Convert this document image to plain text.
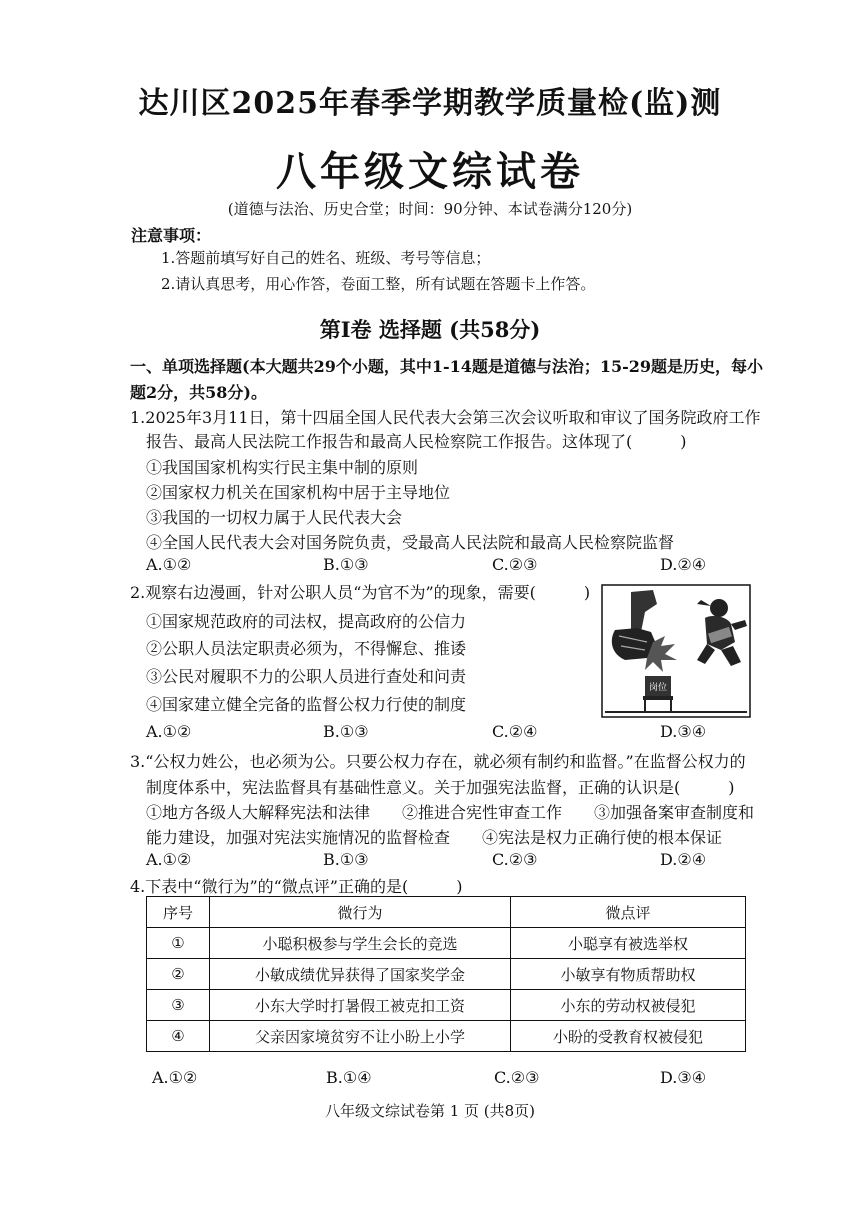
达川区2025年春季学期教学质量检(监)测
八年级文综试卷
(道德与法治、历史合堂；时间：90分钟、本试卷满分120分)
注意事项：
1.答题前填写好自己的姓名、班级、考号等信息；
2.请认真思考，用心作答，卷面工整，所有试题在答题卡上作答。
第Ⅰ卷 选择题 (共58分)
一、单项选择题(本大题共29个小题，其中1-14题是道德与法治；15-29题是历史，每小
题2分，共58分)。
1.2025年3月11日，第十四届全国人民代表大会第三次会议听取和审议了国务院政府工作
报告、最高人民法院工作报告和最高人民检察院工作报告。这体现了(　　　)
①我国国家机构实行民主集中制的原则
②国家权力机关在国家机构中居于主导地位
③我国的一切权力属于人民代表大会
④全国人民代表大会对国务院负责，受最高人民法院和最高人民检察院监督
A.①②	B.①③	C.②③	D.②④
2.观察右边漫画，针对公职人员“为官不为”的现象，需要(　　　)
①国家规范政府的司法权，提高政府的公信力
②公职人员法定职责必须为，不得懈怠、推诿
③公民对履职不力的公职人员进行查处和问责
④国家建立健全完备的监督公权力行使的制度
A.①②	B.①③	C.②④	D.③④
岗位
3.“公权力姓公，也必须为公。只要公权力存在，就必须有制约和监督。”在监督公权力的
制度体系中，宪法监督具有基础性意义。关于加强宪法监督，正确的认识是(　　　)
①地方各级人大解释宪法和法律　　②推进合宪性审查工作　　③加强备案审查制度和
能力建设，加强对宪法实施情况的监督检查　　④宪法是权力正确行使的根本保证
A.①②	B.①③	C.②③	D.②④
4.下表中“微行为”的“微点评”正确的是(　　　)
序号	微行为	微点评
①	小聪积极参与学生会长的竞选	小聪享有被选举权
②	小敏成绩优异获得了国家奖学金	小敏享有物质帮助权
③	小东大学时打暑假工被克扣工资	小东的劳动权被侵犯
④	父亲因家境贫穷不让小盼上小学	小盼的受教育权被侵犯
A.①②	B.①④	C.②③	D.③④
八年级文综试卷第 1 页 (共8页)
